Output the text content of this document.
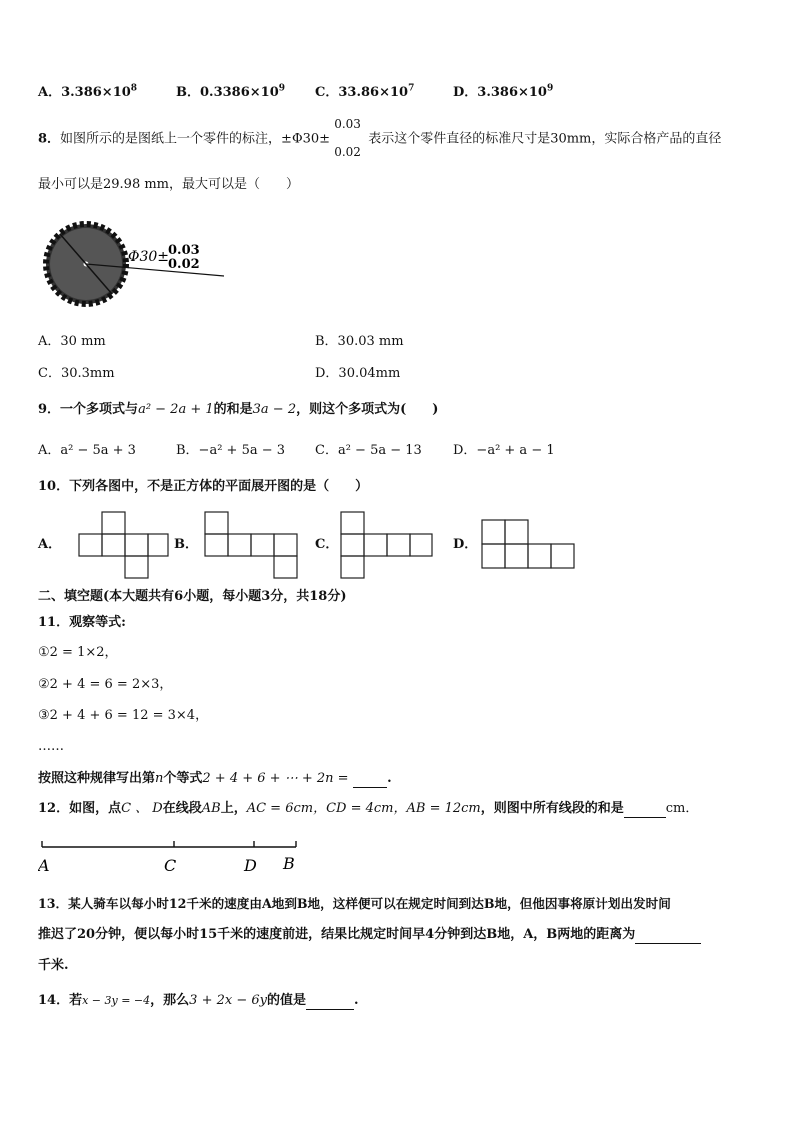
A．$3.386\times 10^8$	B．$0.3386\times 10^9$ C．$33.86\times 10^7$	D．$3.386\times 10^9$
8．如图所示的是图纸上一个零件的标注，±Φ30±
0.03
0.02
表示这个零件直径的标准尺寸是30mm，实际合格产品的直径
最小可以是29.98 mm，最大可以是（　　）
Φ30±
0.03
0.02
A．30 mm	B．30.03 mm
C．30.3mm	D．30.04mm
9．一个多项式与a² − 2a + 1的和是3a − 2，则这个多项式为(　　)
A．a² − 5a + 3	B．−a² + 5a − 3 C．a² − 5a − 13 D．−a² + a − 1
10．下列各图中，不是正方体的平面展开图的是（　　）
A．	B．	C．	D．
二、填空题(本大题共有6小题，每小题3分，共18分)
11．观察等式:
①2 = 1×2，
②2 + 4 = 6 = 2×3，
③2 + 4 + 6 = 12 = 3×4，
……
按照这种规律写出第n个等式2 + 4 + 6 + ⋯ + 2n =	.
12．如图，点C 、 D在线段AB上，AC = 6cm，CD = 4cm，AB = 12cm，则图中所有线段的和是	cm．
A	C	D B
13．某人骑车以每小时12千米的速度由A地到B地，这样便可以在规定时间到达B地，但他因事将原计划出发时间
推迟了20分钟，便以每小时15千米的速度前进，结果比规定时间早4分钟到达B地，A，B两地的距离为
千米.
14．若x − 3y = −4，那么3 + 2x − 6y的值是	.
